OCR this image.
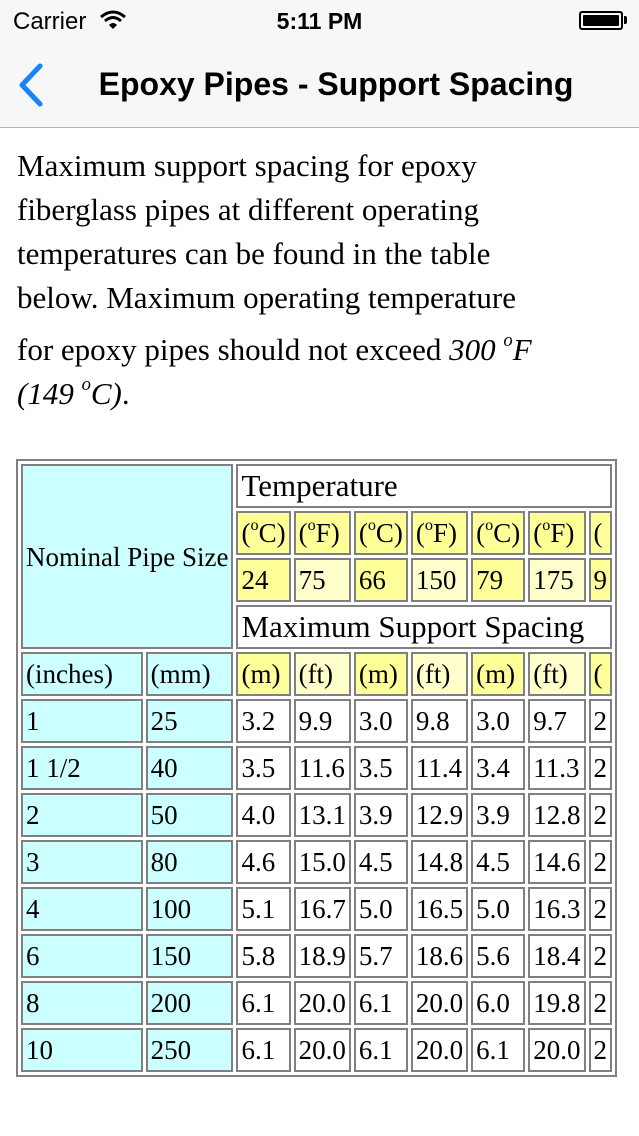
Carrier	5:11 PM
Epoxy Pipes - Support Spacing
Maximum support spacing for epoxy
fiberglass pipes at different operating
temperatures can be found in the table
below. Maximum operating temperature
for epoxy pipes should not exceed 300 $^o$F
(149 $^o$C).
Nominal Pipe Size		Temperature						
		($^o$C)	($^o$F)	($^o$C)	($^o$F)	($^o$C)	($^o$F)	(
		24	75	66	150	79	175	9
		Maximum Support Spacing						
(inches)	(mm)	(m)	(ft)	(m)	(ft)	(m)	(ft)	(
1	25	3.2	9.9	3.0	9.8	3.0	9.7	2
1 1/2	40	3.5	11.6	3.5	11.4	3.4	11.3	2
2	50	4.0	13.1	3.9	12.9	3.9	12.8	2
3	80	4.6	15.0	4.5	14.8	4.5	14.6	2
4	100	5.1	16.7	5.0	16.5	5.0	16.3	2
6	150	5.8	18.9	5.7	18.6	5.6	18.4	2
8	200	6.1	20.0	6.1	20.0	6.0	19.8	2
10	250	6.1	20.0	6.1	20.0	6.1	20.0	2
